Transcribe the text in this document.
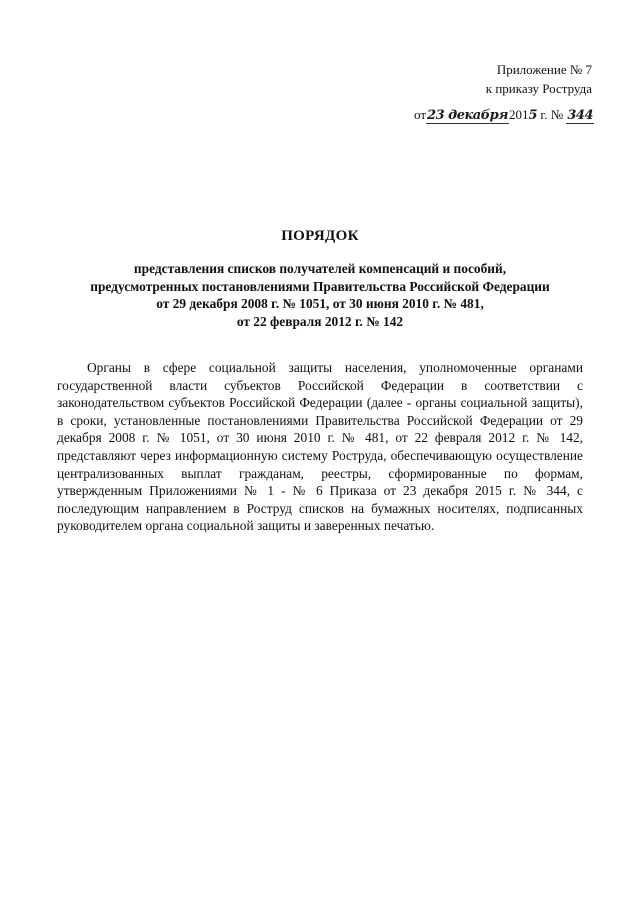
Приложение № 7
к приказу Роструда
от23 декабря2015 г. № 344
ПОРЯДОК
представления списков получателей компенсаций и пособий,
предусмотренных постановлениями Правительства Российской Федерации
от 29 декабря 2008 г. № 1051, от 30 июня 2010 г. № 481,
от 22 февраля 2012 г. № 142

Органы в сфере социальной защиты населения, уполномоченные органами государственной власти субъектов Российской Федерации в соответствии с законодательством субъектов Российской Федерации (далее - органы социальной защиты), в сроки, установленные постановлениями Правительства Российской Федерации от 29 декабря 2008 г. № 1051, от 30 июня 2010 г. № 481, от 22 февраля 2012 г. № 142, представляют через информационную систему Роструда, обеспечивающую осуществление централизованных выплат гражданам, реестры, сформированные по формам, утвержденным Приложениями № 1 - № 6 Приказа от 23 декабря 2015 г. № 344, с последующим направлением в Роструд списков на бумажных носителях, подписанных руководителем органа социальной защиты и заверенных печатью.
